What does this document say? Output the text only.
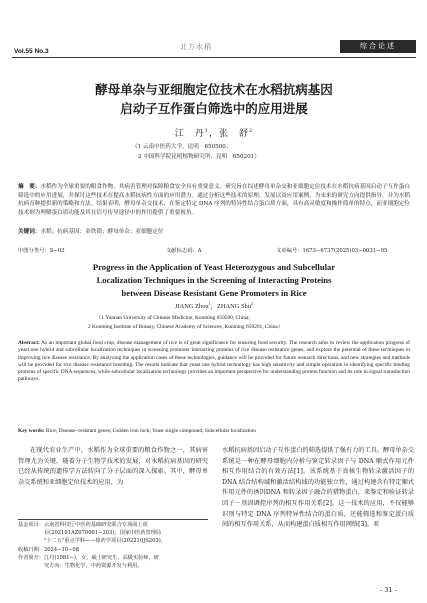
Vol.55 No.3
北方水稻	综合论述
酵母单杂与亚细胞定位技术在水稻抗病基因
启动子互作蛋白筛选中的应用进展
江　丹$^1$，张　舒$^2$
（1 云南中医药大学，昆明　650500；
2 中国科学院昆明植物研究所，昆明　650201）
摘　要：水稻作为全球重要的粮食作物，其病害管理对保障粮食安全具有重要意义。研究旨在综述酵母单杂交和亚细胞定位技术在水稻抗病基因启动子互作蛋白筛选中的应用进展，并探讨这些技术在提高水稻抗病性方面的应用潜力。通过分析这些技术的原理、发展以及应用案例，为未来的研究方向提供指导，并为水稻抗病育种提供新的策略和方法。结果表明，酵母单杂交技术，在鉴定特定 DNA 序列的特异性结合蛋白质方面，具有高灵敏度和操作简单的特点，而亚细胞定位技术则为理解蛋白质功能及其在信号传导途径中的作用提供了重要视角。
关键词：水稻；抗病基因；金铁锁；酵母单杂；亚细胞定位
中图分类号：S−03	文献标志码：A	文章编号：1673−6737(2025)03−0031−05
Progress in the Application of Yeast Heterozygous and Subcellular
Localization Techniques in the Screening of Interacting Proteins
between Disease Resistant Gene Promoters in Rice
JIANG Zhou$^1$，ZHANG Shu$^2$
（1 Yunnan University of Chinese Medicine, Kunming 650500, China;
2 Kunming Institute of Botany, Chinese Academy of Sciences, Kunming 650201, China）
Abstract: As an important global food crop, disease management of rice is of great significance for ensuring food security. The research aims to review the application progress of yeast one hybrid and subcellular localization techniques in screening promoter interacting proteins of rice disease resistance genes, and explore the potential of these techniques in improving rice disease resistance. By analyzing the application cases of these technologies, guidance will be provided for future research directions, and new strategies and methods will be provided for rice disease resistance breeding. The results indicate that yeast one hybrid technology has high sensitivity and simple operation in identifying specific binding proteins of specific DNA sequences, while subcellular localization technology provides an important perspective for understanding protein function and its role in signal transduction pathways.
Key words: Rice; Disease−resistant genes; Golden iron lock; Yeast single compound; Subcellular localization
在现代农业生产中，水稻作为全球重要的粮食作物之一，其病害管理尤为关键。随着分子生物学技术的发展，对水稻抗病基因的研究已经从传统的遗传学方法转向了分子层面的深入探索。其中，酵母单杂交系统和亚细胞定位技术的应用，为
水稻抗病基因启动子互作蛋白的筛选提供了强有力的工具。酵母单杂交系统是一种在酵母细胞内分析与鉴定转录因子与 DNA 顺式作用元件相互作用结合的有效方法[1]。该系统基于真核生物转录激活因子的 DNA 结合结构域和激活结构域的功能独立性，通过构建含有特定顺式作用元件的诱饵DNA 和转录因子融合的猎物蛋白，来鉴定和验证转录因子－基因调控序列的相互作用关系[2]。这一技术的应用，不仅能够识别与特定 DNA 序列特异性结合的蛋白质，还能筛选和鉴定蛋白质间的相互作用关系，从而构建蛋白质相互作用网络[3]。亚
基金项目：云南省科技厅中医药基础研究联合专项面上项
　　　　　目(202101AZ070001−203)；国家中医药管理局
　　　　　"十二五"重点学科——傣药学项目(202210JS203)。
收稿日期：2024−10−08
作者简介：江丹(1981−)，女，硕士研究生，高级实验师，研
　　　　　究方向：生物化学、中药资源开发与利用。
- 31 -
